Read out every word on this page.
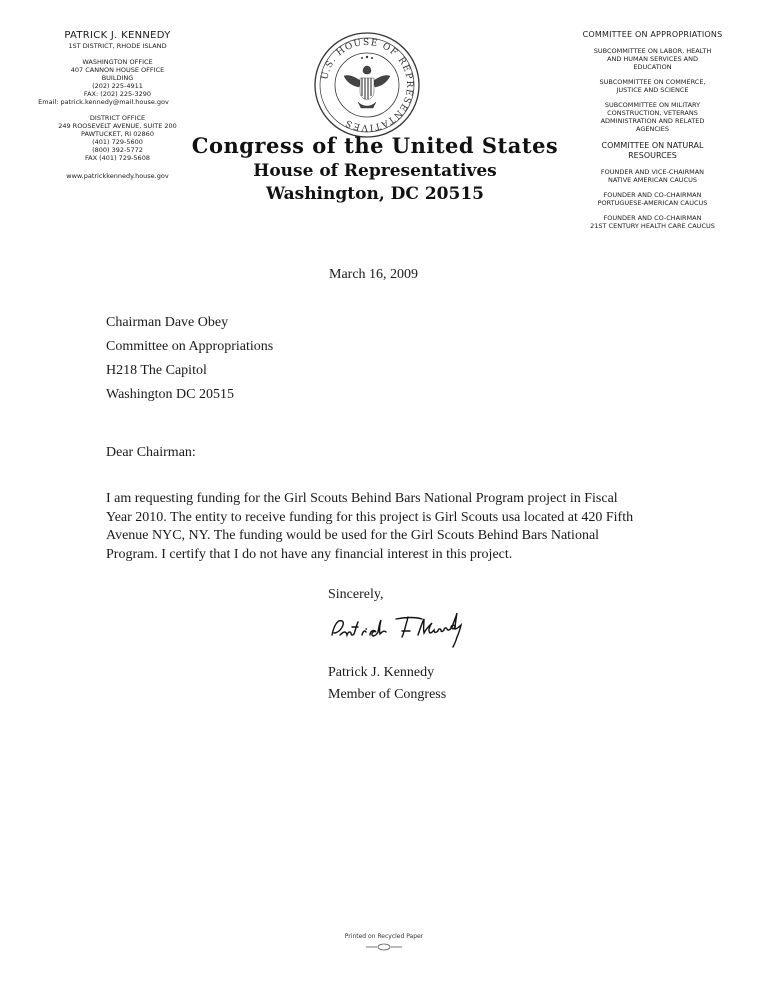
PATRICK J. KENNEDY
1ST DISTRICT, RHODE ISLAND
WASHINGTON OFFICE
407 CANNON HOUSE OFFICE
BUILDING
(202) 225-4911
FAX: (202) 225-3290
Email: patrick.kennedy@mail.house.gov
DISTRICT OFFICE
249 ROOSEVELT AVENUE, SUITE 200
PAWTUCKET, RI 02860
(401) 729-5600
(800) 392-5772
FAX (401) 729-5608
www.patrickkennedy.house.gov
U.S. HOUSE OF REPRESENTATIVES
Congress of the United States
House of Representatives
Washington, DC 20515
COMMITTEE ON APPROPRIATIONS
SUBCOMMITTEE ON LABOR, HEALTH
AND HUMAN SERVICES AND
EDUCATION
SUBCOMMITTEE ON COMMERCE,
JUSTICE AND SCIENCE
SUBCOMMITTEE ON MILITARY
CONSTRUCTION, VETERANS
ADMINISTRATION AND RELATED
AGENCIES
COMMITTEE ON NATURAL
RESOURCES
FOUNDER AND VICE-CHAIRMAN
NATIVE AMERICAN CAUCUS
FOUNDER AND CO-CHAIRMAN
PORTUGUESE-AMERICAN CAUCUS
FOUNDER AND CO-CHAIRMAN
21ST CENTURY HEALTH CARE CAUCUS
March 16, 2009
Chairman Dave Obey
Committee on Appropriations
H218 The Capitol
Washington DC 20515
Dear Chairman:
I am requesting funding for the Girl Scouts Behind Bars National Program project in Fiscal Year 2010. The entity to receive funding for this project is Girl Scouts usa located at 420 Fifth Avenue NYC, NY. The funding would be used for the Girl Scouts Behind Bars National Program. I certify that I do not have any financial interest in this project.
Sincerely,
Patrick J. Kennedy
Member of Congress
Printed on Recycled Paper
